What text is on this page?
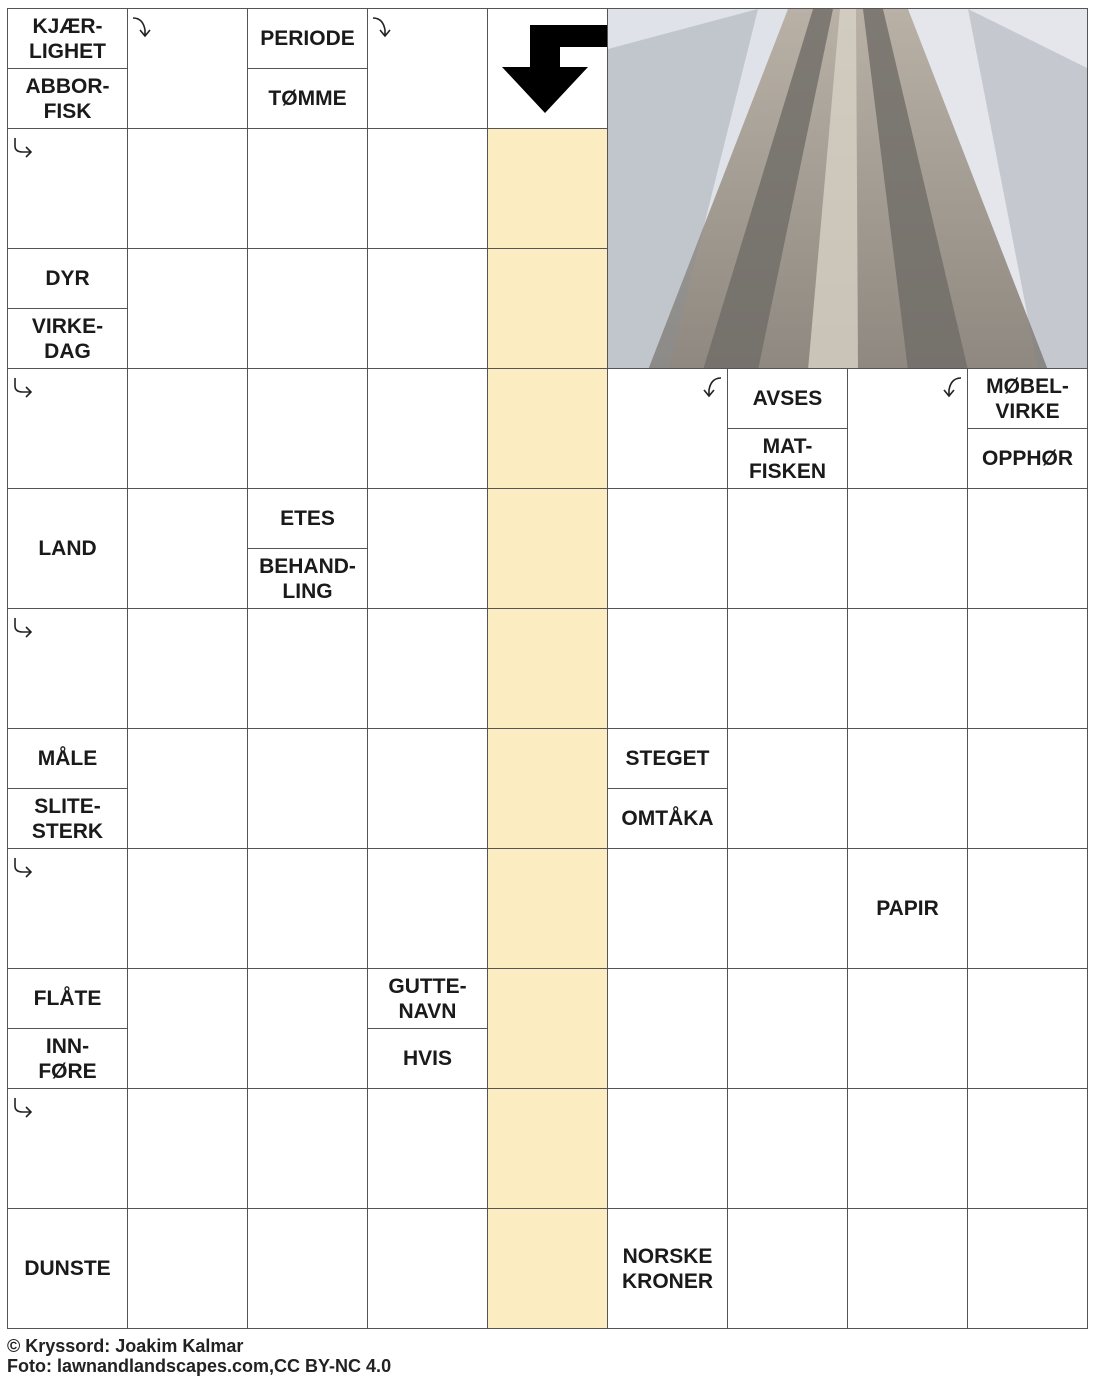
KJÆR-
LIGHET
ABBOR-
FISK
PERIODE
TØMME
DYR
VIRKE-
DAG
AVSES
MAT-
FISKEN
MØBEL-
VIRKE
OPPHØR
LAND
ETES
BEHAND-
LING
MÅLE
SLITE-
STERK
STEGET
OMTÅKA
PAPIR
FLÅTE
INN-
FØRE
GUTTE-
NAVN
HVIS
DUNSTE
NORSKE
KRONER
© Kryssord: Joakim Kalmar
Foto: lawnandlandscapes.com,CC BY-NC 4.0
